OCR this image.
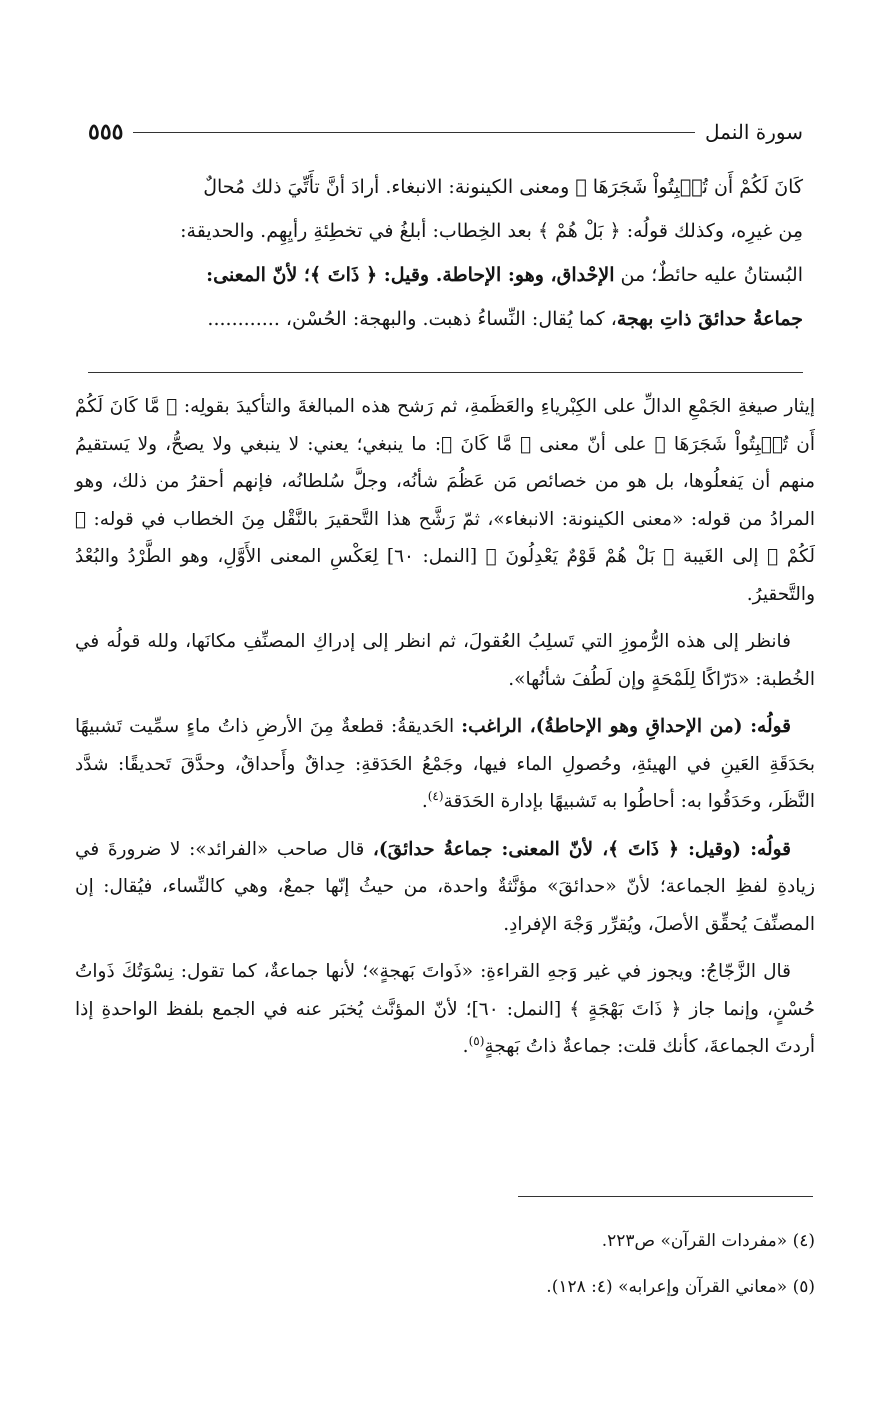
سورة النمل
٥٥٥
كَانَ لَكُمْ أَن تُنۢبِتُواْ شَجَرَهَا ﴾ ومعنى الكينونة: الانبغاء. أرادَ أنَّ تأَتِّيَ ذلك مُحالٌ
مِن غيرِه، وكذلك قولُه: ﴿ بَلْ هُمْ ﴾ بعد الخِطاب: أبلغُ في تخطِئةِ رأيِهِم. والحديقة:
البُستانُ عليه حائطٌ؛ من الإحْداق، وهو: الإحاطة. وقيل: ﴿ ذَاتَ ﴾؛ لأنّ المعنى:
جماعةُ حدائقَ ذاتِ بهجة، كما يُقال: النِّساءُ ذهبت. والبهجة: الحُسْن، ............

إيثار صيغةِ الجَمْعِ الدالِّ على الكِبْرياءِ والعَظَمةِ، ثم رَشح هذه المبالغةَ والتأكيدَ بقولِه: ﴿ مَّا كَانَ لَكُمْ أَن تُنۢبِتُواْ شَجَرَهَا ﴾ على أنّ معنى ﴿ مَّا كَانَ ﴾: ما ينبغي؛ يعني: لا ينبغي ولا يصحُّ، ولا يَستقيمُ منهم أن يَفعلُوها، بل هو من خصائص مَن عَظُمَ شأنُه، وجلَّ سُلطانُه، فإنهم أحقرُ من ذلك، وهو المرادُ من قوله: «معنى الكينونة: الانبغاء»، ثمّ رَشَّح هذا التَّحقيرَ بالنَّقْل مِنَ الخطاب في قوله: ﴿ لَكُمْ ﴾ إلى الغَيبة ﴿ بَلْ هُمْ قَوْمٌ يَعْدِلُونَ ﴾ [النمل: ٦٠] لِعَكْسِ المعنى الأَوَّلِ، وهو الطَّرْدُ والبُعْدُ والتَّحقيرُ.

فانظر إلى هذه الرُّموزِ التي تَسلِبُ العُقولَ، ثم انظر إلى إدراكِ المصنِّفِ مكانَها، ولله قولُه في الخُطبة: «دَرّاكًا لِلَمْحَةٍ وإن لَطُفَ شأنُها».

قولُه: (من الإحداقِ وهو الإحاطةُ)، الراغب: الحَديقةُ: قطعةٌ مِنَ الأرضِ ذاتُ ماءٍ سمِّيت تَشبيهًا بحَدَقَةِ العَينِ في الهيئةِ، وحُصولِ الماء فيها، وجَمْعُ الحَدَقةِ: حِداقٌ وأَحداقٌ، وحدَّقَ تَحديقًا: شدَّد النَّظَر، وحَدَقُوا به: أحاطُوا به تَشبيهًا بإدارة الحَدَقة$^{(٤)}$.

قولُه: (وقيل: ﴿ ذَاتَ ﴾، لأنّ المعنى: جماعةُ حدائقَ)، قال صاحب «الفرائد»: لا ضرورةَ في زيادةِ لفظِ الجماعة؛ لأنّ «حدائقَ» مؤنَّثةٌ واحدة، من حيثُ إنّها جمعٌ، وهي كالنِّساء، فيُقال: إن المصنِّفَ يُحقِّق الأصلَ، ويُقرِّر وَجْهَ الإفرادِ.

قال الزَّجّاجُ: ويجوز في غير وَجهِ القراءةِ: «ذَواتَ بَهجةٍ»؛ لأنها جماعةٌ، كما تقول: نِسْوَتُكَ ذَواتُ حُسْنٍ، وإنما جاز ﴿ ذَاتَ بَهْجَةٍ ﴾ [النمل: ٦٠]؛ لأنّ المؤنَّث يُخبَر عنه في الجمع بلفظ الواحدةِ إذا أردتَ الجماعةَ، كأنك قلت: جماعةٌ ذاتُ بَهجةٍ$^{(٥)}$.

(٤) «مفردات القرآن» ص٢٢٣.

(٥) «معاني القرآن وإعرابه» (٤: ١٢٨).
